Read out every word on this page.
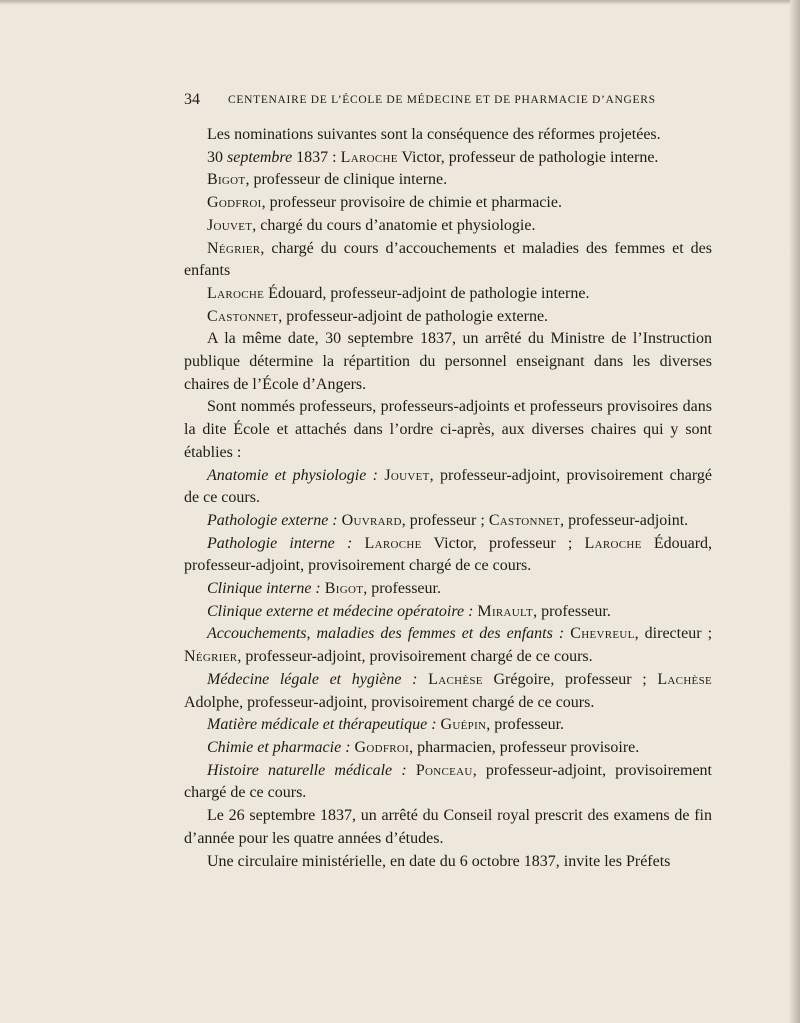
34 CENTENAIRE DE L’ÉCOLE DE MÉDECINE ET DE PHARMACIE D’ANGERS

Les nominations suivantes sont la conséquence des réformes projetées.

30 septembre 1837 : Laroche Victor, professeur de pathologie interne.

Bigot, professeur de clinique interne.

Godfroi, professeur provisoire de chimie et pharmacie.

Jouvet, chargé du cours d’anatomie et physiologie.

Négrier, chargé du cours d’accouchements et maladies des femmes et des enfants

Laroche Édouard, professeur-adjoint de pathologie interne.

Castonnet, professeur-adjoint de pathologie externe.

A la même date, 30 septembre 1837, un arrêté du Ministre de l’Instruction publique détermine la répartition du personnel enseignant dans les diverses chaires de l’École d’Angers.

Sont nommés professeurs, professeurs-adjoints et professeurs provisoires dans la dite École et attachés dans l’ordre ci-après, aux diverses chaires qui y sont établies :

Anatomie et physiologie : Jouvet, professeur-adjoint, provisoirement chargé de ce cours.

Pathologie externe : Ouvrard, professeur ; Castonnet, professeur-adjoint.

Pathologie interne : Laroche Victor, professeur ; Laroche Édouard, professeur-adjoint, provisoirement chargé de ce cours.

Clinique interne : Bigot, professeur.

Clinique externe et médecine opératoire : Mirault, professeur.

Accouchements, maladies des femmes et des enfants : Chevreul, directeur ; Négrier, professeur-adjoint, provisoirement chargé de ce cours.

Médecine légale et hygiène : Lachèse Grégoire, professeur ; Lachèse Adolphe, professeur-adjoint, provisoirement chargé de ce cours.

Matière médicale et thérapeutique : Guépin, professeur.

Chimie et pharmacie : Godfroi, pharmacien, professeur provisoire.

Histoire naturelle médicale : Ponceau, professeur-adjoint, provisoirement chargé de ce cours.

Le 26 septembre 1837, un arrêté du Conseil royal prescrit des examens de fin d’année pour les quatre années d’études.

Une circulaire ministérielle, en date du 6 octobre 1837, invite les Préfets
